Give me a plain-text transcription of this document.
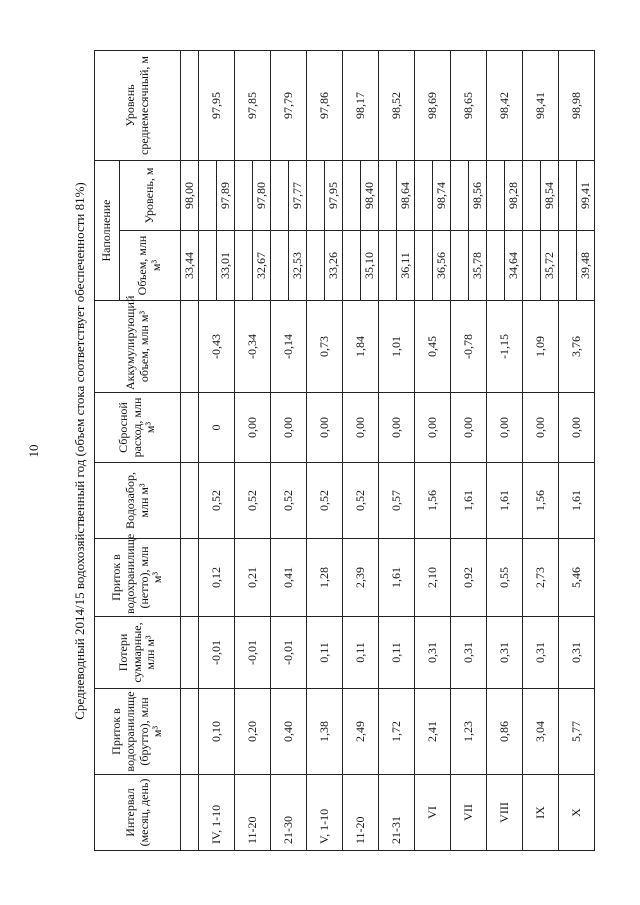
10 Средневодный 2014/15 водохозяйственный год (объем стока соответствует обеспеченности 81%)
Интервал (месяц, день)	Приток в водохранилище (брутто), млн м³	Потери суммарные, млн м³	Приток в водохранилище (нетто), млн м³	Водозабор, млн м³	Сбросной расход, млн м³	Аккумулирующий объем, млн м³	Наполнение		Уровень среднемесячный, м
							Объем, млн м³	Уровень, м	
							33,44	98,00	
IV, 1-10	0,10	-0,01	0,12	0,52	0	-0,43			97,95
							33,01	97,89	
11-20	0,20	-0,01	0,21	0,52	0,00	-0,34			97,85
							32,67	97,80	
21-30	0,40	-0,01	0,41	0,52	0,00	-0,14			97,79
							32,53	97,77	
V, 1-10	1,38	0,11	1,28	0,52	0,00	0,73			97,86
							33,26	97,95	
11-20	2,49	0,11	2,39	0,52	0,00	1,84			98,17
							35,10	98,40	
21-31	1,72	0,11	1,61	0,57	0,00	1,01			98,52
							36,11	98,64	
VI	2,41	0,31	2,10	1,56	0,00	0,45			98,69
							36,56	98,74	
VII	1,23	0,31	0,92	1,61	0,00	-0,78			98,65
							35,78	98,56	
VIII	0,86	0,31	0,55	1,61	0,00	-1,15			98,42
							34,64	98,28	
IX	3,04	0,31	2,73	1,56	0,00	1,09			98,41
							35,72	98,54	
X	5,77	0,31	5,46	1,61	0,00	3,76			98,98
							39,48	99,41	
